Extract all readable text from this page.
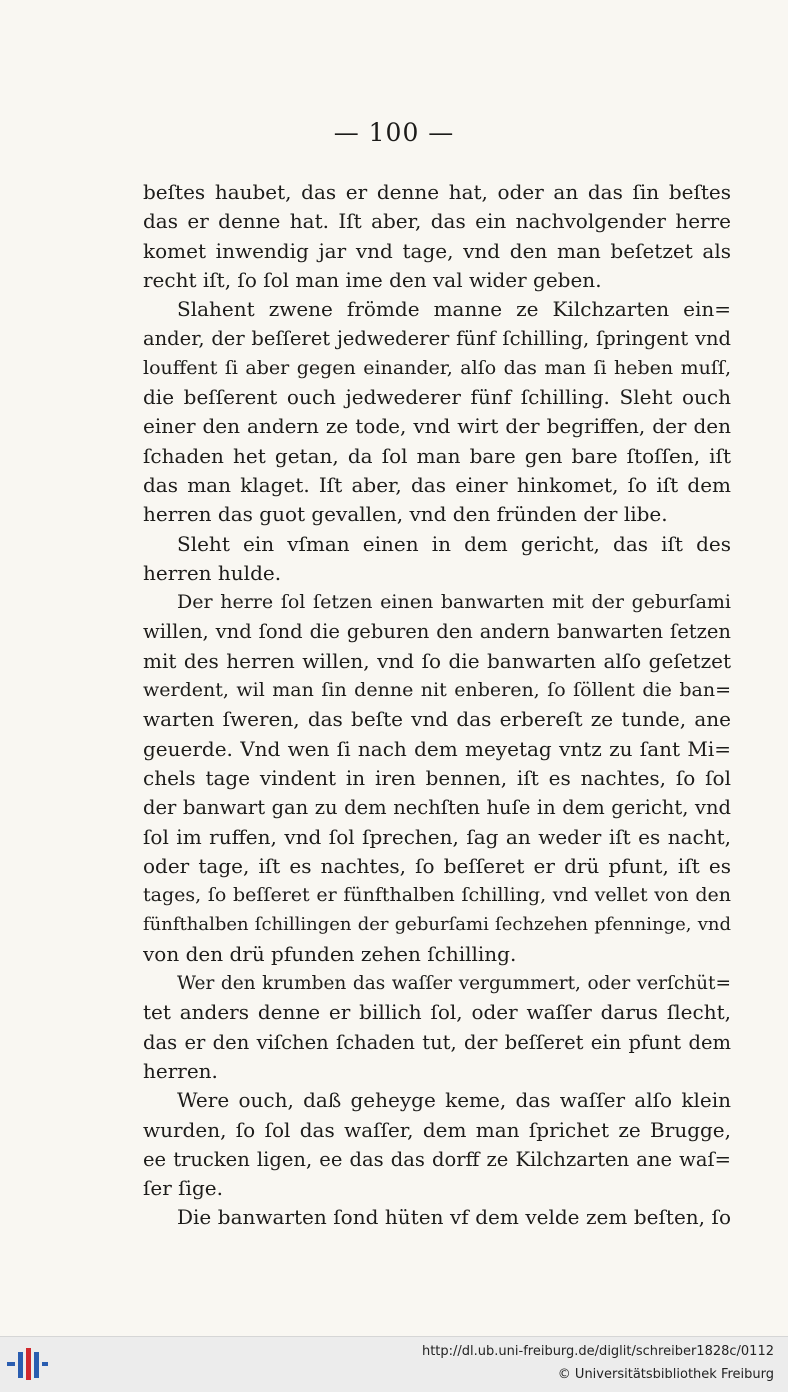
— 100 —
beſtes haubet, das er denne hat, oder an das ſin beſtes
das er denne hat. Iſt aber, das ein nachvolgender herre
komet inwendig jar vnd tage, vnd den man beſetzet als
recht iſt, ſo ſol man ime den val wider geben.
Slahent zwene frömde manne ze Kilchzarten ein=
ander, der beſſeret jedwederer fünf ſchilling, ſpringent vnd
louffent ſi aber gegen einander, alſo das man ſi heben muſſ,
die beſſerent ouch jedwederer fünf ſchilling. Sleht ouch
einer den andern ze tode, vnd wirt der begriffen, der den
ſchaden het getan, da ſol man bare gen bare ſtoſſen, iſt
das man klaget. Iſt aber, das einer hinkomet, ſo iſt dem
herren das guot gevallen, vnd den fründen der libe.
Sleht ein vſman einen in dem gericht, das iſt des
herren hulde.
Der herre ſol ſetzen einen banwarten mit der geburſami
willen, vnd ſond die geburen den andern banwarten ſetzen
mit des herren willen, vnd ſo die banwarten alſo geſetzet
werdent, wil man ſin denne nit enberen, ſo ſöllent die ban=
warten ſweren, das beſte vnd das erbereſt ze tunde, ane
geuerde. Vnd wen ſi nach dem meyetag vntz zu ſant Mi=
chels tage vindent in iren bennen, iſt es nachtes, ſo ſol
der banwart gan zu dem nechſten huſe in dem gericht, vnd
ſol im ruffen, vnd ſol ſprechen, ſag an weder iſt es nacht,
oder tage, iſt es nachtes, ſo beſſeret er drü pfunt, iſt es
tages, ſo beſſeret er fünfthalben ſchilling, vnd vellet von den
fünfthalben ſchillingen der geburſami ſechzehen pfenninge, vnd
von den drü pfunden zehen ſchilling.
Wer den krumben das waſſer vergummert, oder verſchüt=
tet anders denne er billich ſol, oder waſſer darus ſlecht,
das er den viſchen ſchaden tut, der beſſeret ein pfunt dem
herren.
Were ouch, daß geheyge keme, das waſſer alſo klein
wurden, ſo ſol das waſſer, dem man ſprichet ze Brugge,
ee trucken ligen, ee das das dorff ze Kilchzarten ane waſ=
ſer ſige.
Die banwarten ſond hüten vf dem velde zem beſten, ſo
http://dl.ub.uni-freiburg.de/diglit/schreiber1828c/0112
© Universitätsbibliothek Freiburg
